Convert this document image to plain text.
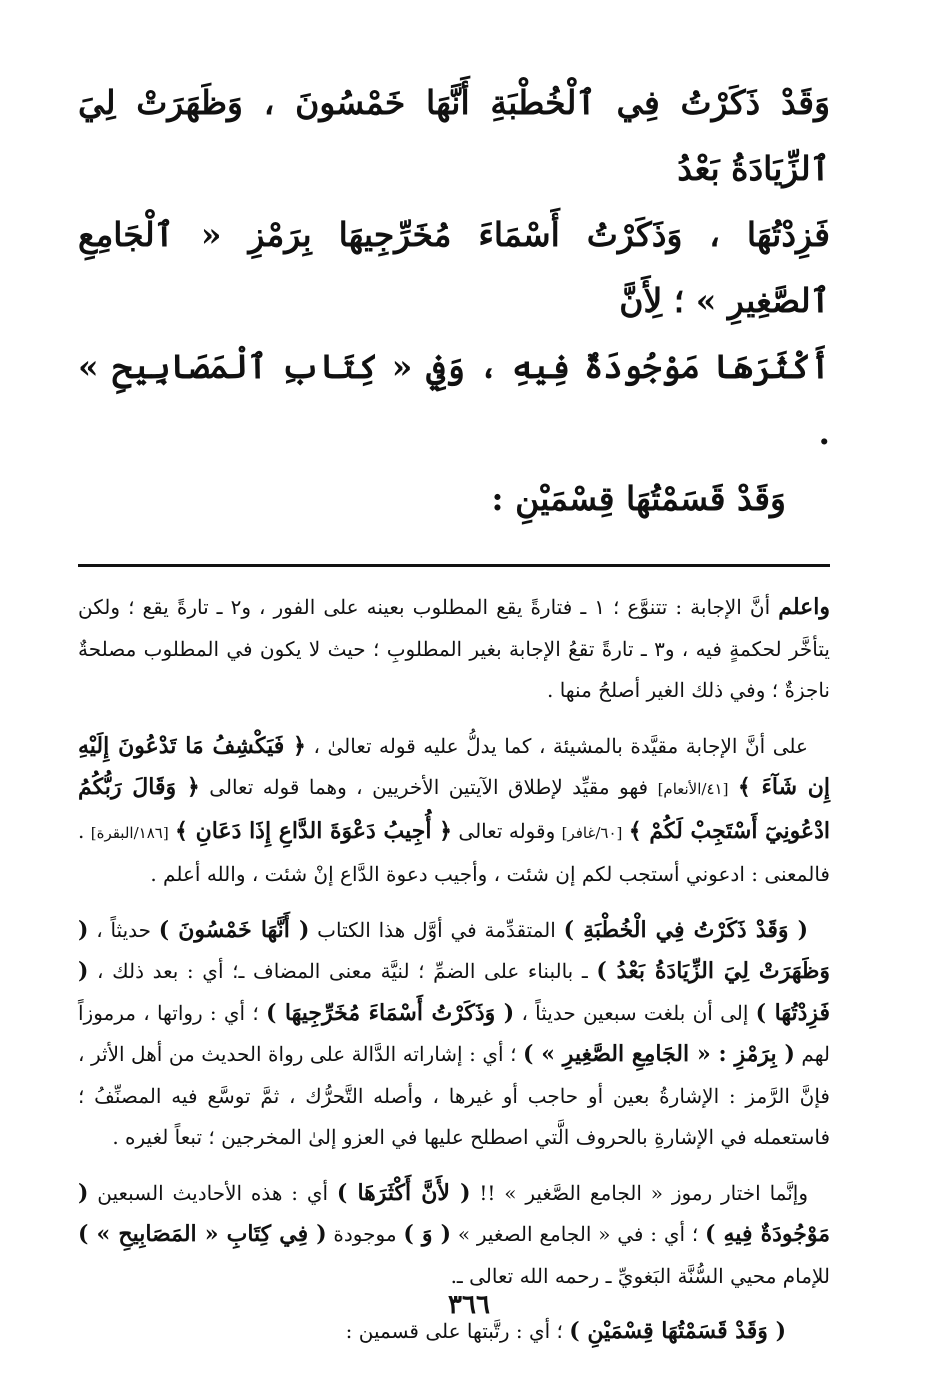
وَقَدْ ذَكَرْتُ فِي ٱلْخُطْبَةِ أَنَّهَا خَمْسُونَ ، وَظَهَرَتْ لِيَ ٱلزِّيَادَةُ بَعْدُ

فَزِدْتُهَا ، وَذَكَرْتُ أَسْمَاءَ مُخَرِّجِيهَا بِرَمْزِ « ٱلْجَامِعِ ٱلصَّغِيرِ » ؛ لِأَنَّ

أَكْثَرَهَا مَوْجُودَةٌ فِيهِ ، وَفِي « كِتَابِ ٱلْمَصَابِيحِ » .

وَقَدْ قَسَمْتُهَا قِسْمَيْنِ :

واعلم أنَّ الإجابة : تتنوَّع ؛ ١ ـ فتارةً يقع المطلوب بعينه على الفور ، و٢ ـ تارةً يقع ؛ ولكن يتأخَّر لحكمةٍ فيه ، و٣ ـ تارةً تقعُ الإجابة بغير المطلوبِ ؛ حيث لا يكون في المطلوب مصلحةٌ ناجزةٌ ؛ وفي ذلك الغير أصلحُ منها .

على أنَّ الإجابة مقيَّدة بالمشيئة ، كما يدلُّ عليه قوله تعالىٰ ، ﴿ فَيَكْشِفُ مَا تَدْعُونَ إِلَيْهِ إِن شَآءَ ﴾ [٤١/الأنعام] فهو مقيِّد لإطلاق الآيتين الأخريين ، وهما قوله تعالى ﴿ وَقَالَ رَبُّكُمُ ادْعُونِيٓ أَسْتَجِبْ لَكُمْ ﴾ [٦٠/غافر] وقوله تعالى ﴿ أُجِيبُ دَعْوَةَ الدَّاعِ إِذَا دَعَانِ ﴾ [١٨٦/البقرة] . فالمعنى : ادعوني أستجب لكم إن شئت ، وأجيب دعوة الدَّاع إنْ شئت ، والله أعلم .

( وَقَدْ ذَكَرْتُ فِي الْخُطْبَةِ ) المتقدِّمة في أوَّل هذا الكتاب ( أَنَّهَا خَمْسُونَ ) حديثاً ، ( وَظَهَرَتْ لِيَ الزِّيَادَةُ بَعْدُ ) ـ بالبناء على الضمِّ ؛ لنيَّة معنى المضاف ـ؛ أي : بعد ذلك ، ( فَزِدْتُهَا ) إلى أن بلغت سبعين حديثاً ، ( وَذَكَرْتُ أَسْمَاءَ مُخَرِّجِيهَا ) ؛ أي : رواتها ، مرموزاً لهم ( بِرَمْزِ : « الجَامِعِ الصَّغِيرِ » ) ؛ أي : إشاراته الدَّالة على رواة الحديث من أهل الأثر ، فإنَّ الرَّمز : الإشارةُ بعين أو حاجب أو غيرها ، وأصله التَّحرُّك ، ثمَّ توسَّع فيه المصنِّفُ ؛ فاستعمله في الإشارةِ بالحروف الَّتي اصطلح عليها في العزو إلىٰ المخرجين ؛ تبعاً لغيره .

وإنَّما اختار رموز « الجامع الصَّغير » !! ( لأَنَّ أَكْثَرَهَا ) أي : هذه الأحاديث السبعين ( مَوْجُودَةٌ فِيهِ ) ؛ أي : في « الجامع الصغير » ( وَ ) موجودة ( فِي كِتَابِ « المَصَابِيحِ » ) للإمام محيي السُّنَّة البَغويِّ ـ رحمه الله تعالى ـ.

( وَقَدْ قَسَمْتُهَا قِسْمَيْنِ ) ؛ أي : رتَّبتها على قسمين :

٣٦٦
